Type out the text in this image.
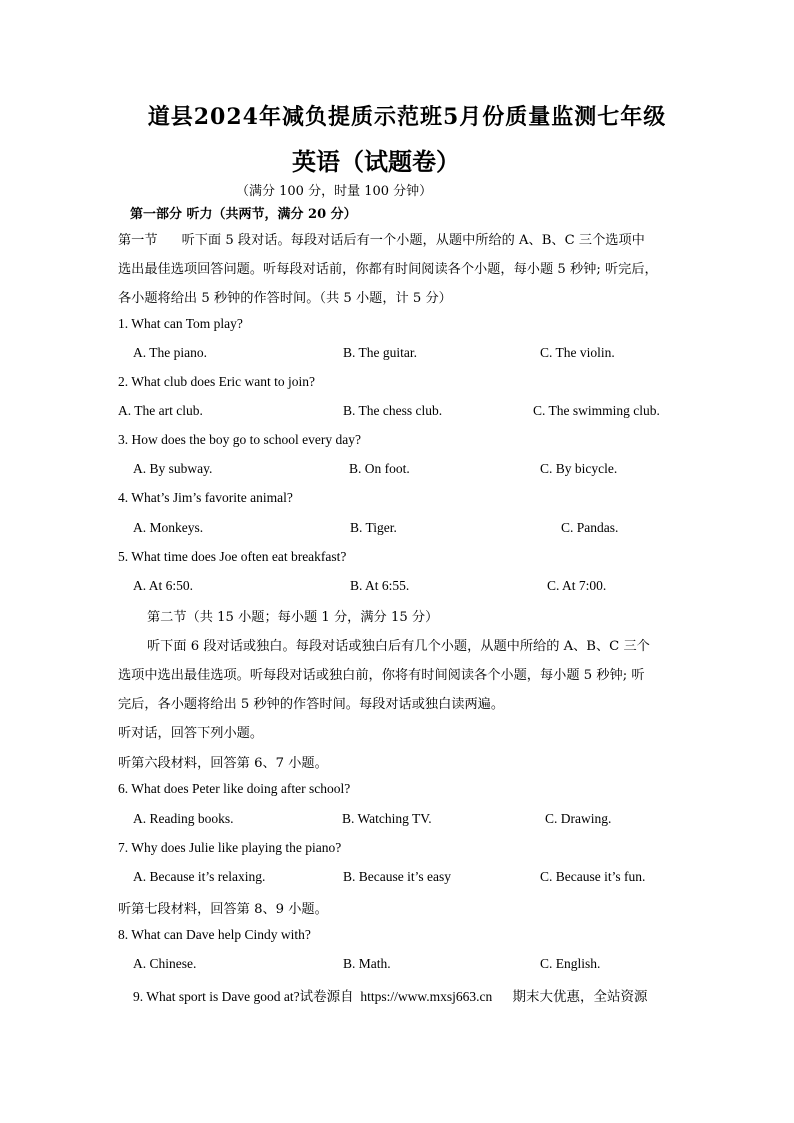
道县2024年减负提质示范班5月份质量监测七年级
英语（试题卷）
（满分 100 分，时量 100 分钟）
第一部分 听力（共两节，满分 20 分）
第一节 听下面 5 段对话。每段对话后有一个小题，从题中所给的 A、B、C 三个选项中
选出最佳选项回答问题。听每段对话前，你都有时间阅读各个小题，每小题 5 秒钟; 听完后，
各小题将给出 5 秒钟的作答时间。（共 5 小题，计 5 分）
1. What can Tom play?
A. The piano.	B. The guitar.	C. The violin.
2. What club does Eric want to join?
A. The art club.	B. The chess club.	C. The swimming club.
3. How does the boy go to school every day?
A. By subway.	B. On foot.	C. By bicycle.
4. What’s Jim’s favorite animal?
A. Monkeys.	B. Tiger.	C. Pandas.
5. What time does Joe often eat breakfast?
A. At 6:50.	B. At 6:55.	C. At 7:00.
第二节（共 15 小题；每小题 1 分，满分 15 分）
听下面 6 段对话或独白。每段对话或独白后有几个小题，从题中所给的 A、B、C 三个
选项中选出最佳选项。听每段对话或独白前，你将有时间阅读各个小题，每小题 5 秒钟; 听
完后，各小题将给出 5 秒钟的作答时间。每段对话或独白读两遍。
听对话，回答下列小题。
听第六段材料，回答第 6、7 小题。
6. What does Peter like doing after school?
A. Reading books.	B. Watching TV.	C. Drawing.
7. Why does Julie like playing the piano?
A. Because it’s relaxing.	B. Because it’s easy	C. Because it’s fun.
听第七段材料，回答第 8、9 小题。
8. What can Dave help Cindy with?
A. Chinese.	B. Math.	C. English.
9. What sport is Dave good at?试卷源自  https://www.mxsj663.cn      期末大优惠，全站资源
